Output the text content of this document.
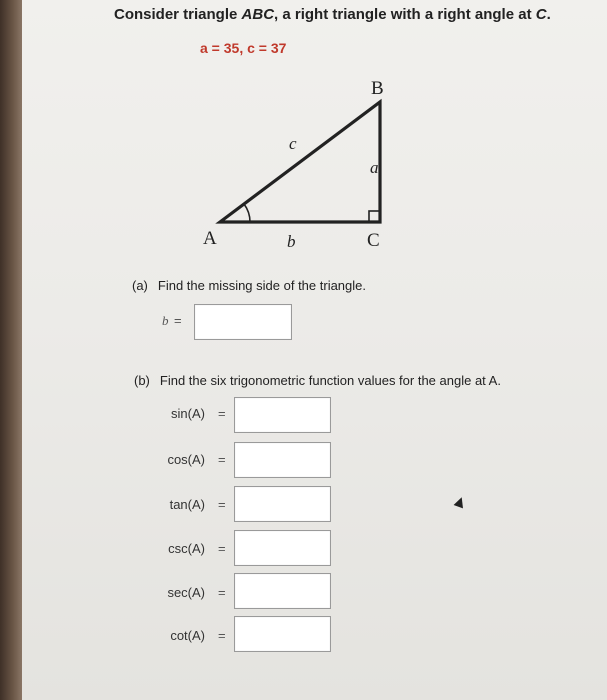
Consider triangle ABC, a right triangle with a right angle at C.
a = 35, c = 37
A
B
C
a
b
c
(a) Find the missing side of the triangle.
b =
(b) Find the six trigonometric function values for the angle at A.
sin(A) =
cos(A) =
tan(A) =
csc(A) =
sec(A) =
cot(A) =
